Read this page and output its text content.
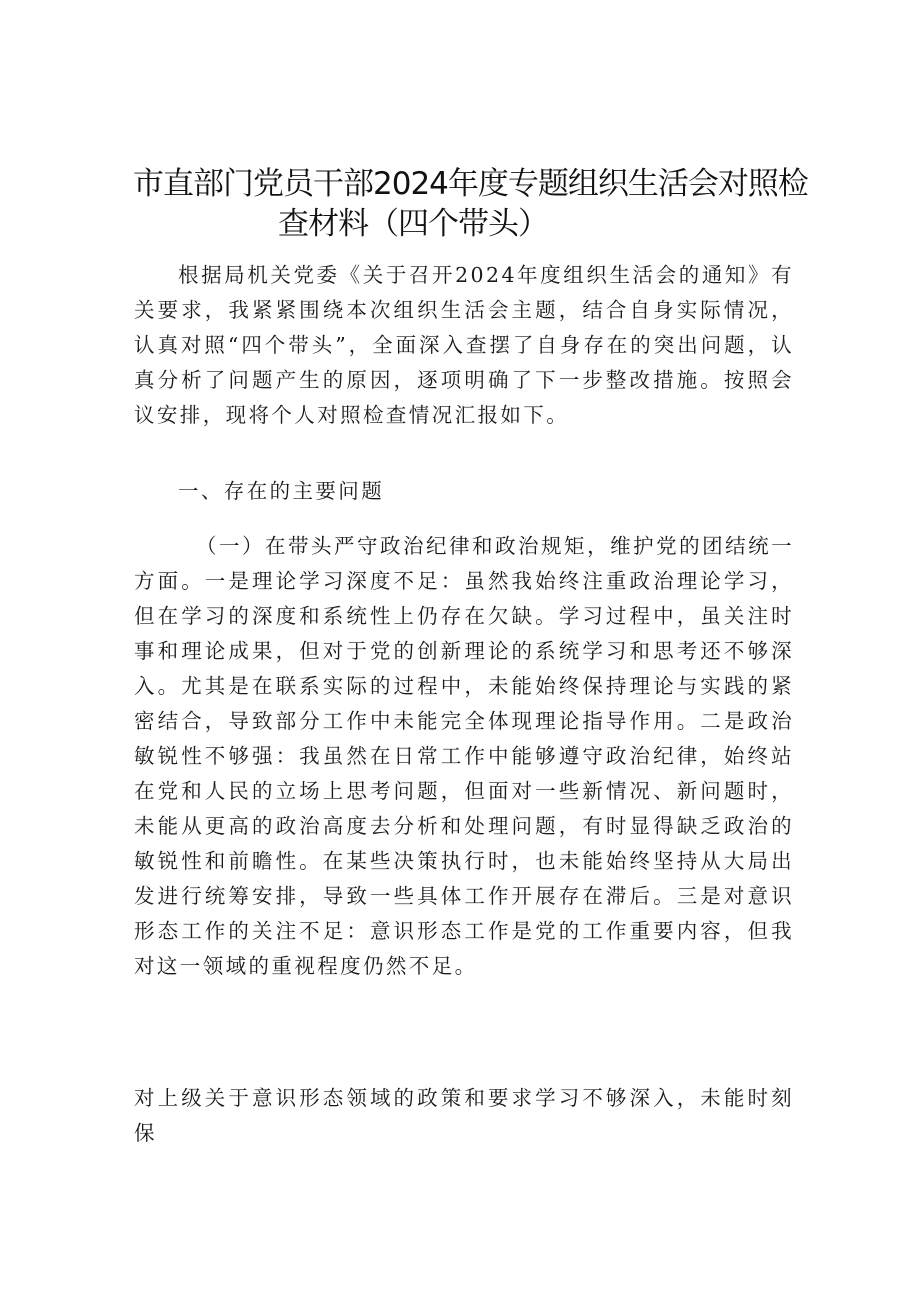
市直部门党员干部2024年度专题组织生活会对照检
查材料（四个带头）

根据局机关党委《关于召开2024年度组织生活会的通知》有关要求，我紧紧围绕本次组织生活会主题，结合自身实际情况，认真对照“四个带头”，全面深入查摆了自身存在的突出问题，认真分析了问题产生的原因，逐项明确了下一步整改措施。按照会议安排，现将个人对照检查情况汇报如下。

一、存在的主要问题

（一）在带头严守政治纪律和政治规矩，维护党的团结统一方面。一是理论学习深度不足：虽然我始终注重政治理论学习，但在学习的深度和系统性上仍存在欠缺。学习过程中，虽关注时事和理论成果，但对于党的创新理论的系统学习和思考还不够深入。尤其是在联系实际的过程中，未能始终保持理论与实践的紧密结合，导致部分工作中未能完全体现理论指导作用。二是政治敏锐性不够强：我虽然在日常工作中能够遵守政治纪律，始终站在党和人民的立场上思考问题，但面对一些新情况、新问题时，未能从更高的政治高度去分析和处理问题，有时显得缺乏政治的敏锐性和前瞻性。在某些决策执行时，也未能始终坚持从大局出发进行统筹安排，导致一些具体工作开展存在滞后。三是对意识形态工作的关注不足：意识形态工作是党的工作重要内容，但我对这一领域的重视程度仍然不足。

对上级关于意识形态领域的政策和要求学习不够深入，未能时刻保
